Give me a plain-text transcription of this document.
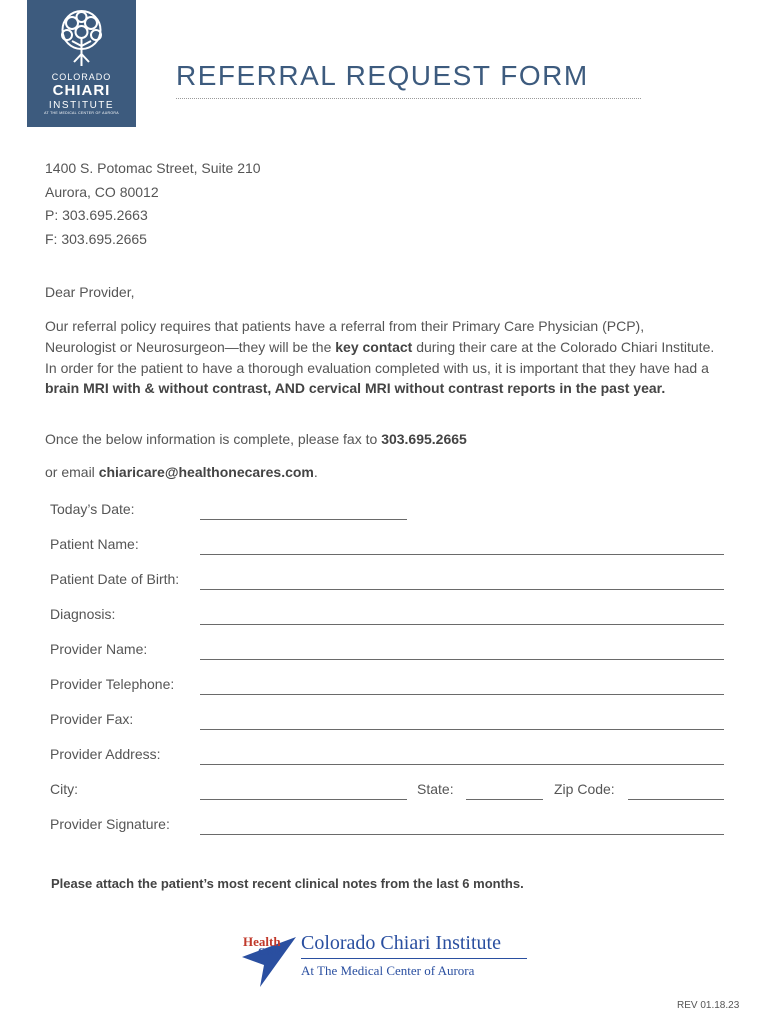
COLORADO
CHIARI
INSTITUTE
AT THE MEDICAL CENTER OF AURORA
REFERRAL REQUEST FORM
1400 S. Potomac Street, Suite 210
Aurora, CO 80012
P: 303.695.2663
F: 303.695.2665

Dear Provider,

Our referral policy requires that patients have a referral from their Primary Care Physician (PCP), Neurologist or Neurosurgeon—they will be the key contact during their care at the Colorado Chiari Institute. In order for the patient to have a thorough evaluation completed with us, it is important that they have had a brain MRI with & without contrast, AND cervical MRI without contrast reports in the past year.

Once the below information is complete, please fax to 303.695.2665

or email chiaricare@healthonecares.com.

Today’s Date:
Patient Name:
Patient Date of Birth:
Diagnosis:
Provider Name:
Provider Telephone:
Provider Fax:
Provider Address:
City:	State:	Zip Code:
Provider Signature:

Please attach the patient’s most recent clinical notes from the last 6 months.

Health
ONE Colorado Chiari Institute
At The Medical Center of Aurora
REV 01.18.23
